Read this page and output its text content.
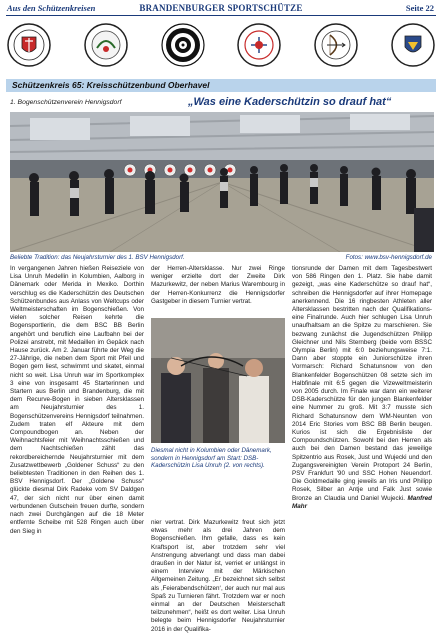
Aus den Schützenkreisen	BRANDENBURGER SPORTSCHÜTZE	Seite 22
Schützenkreis 65: Kreisschützenbund Oberhavel
1. Bogenschützenverein Hennigsdorf	„Was eine Kaderschützin so drauf hat“
Beliebte Tradition: das Neujahrsturnier des 1. BSV Hennigsdorf.	Fotos: www.bsv-hennigsdorf.de
In vergangenen Jahren hießen Reiseziele von Lisa Unruh Medellin in Kolumbien, Aalborg in Dänemark oder Merida in Mexiko. Dorthin verschlug es die Kaderschützin des Deutschen Schützenbundes aus Anlass von Weltcups oder Weltmeisterschaften im Bogenschießen. Von vielen solcher Reisen kehrte die Bogensportlerin, die dem BSC BB Berlin angehört und beruflich eine Laufbahn bei der Polizei anstrebt, mit Medaillen im Gepäck nach Hause zurück. Am 2. Januar führte der Weg die 27-Jährige, die neben dem Sport mit Pfeil und Bogen gern liest, schwimmt und skatet, einmal nicht so weit. Lisa Unruh war im Sportkomplex 3 eine von insgesamt 45 Starterinnen und Startern aus Berlin und Brandenburg, die mit dem Recurve-Bogen in sieben Altersklassen am Neujahrsturnier des 1. Bogenschützenvereins Hennigsdorf teilnahmen. Zudem traten elf Akteure mit dem Compoundbogen an. Neben der Weihnachtsfeier mit Weihnachtsschießen und dem Nachtschießen zählt das rekordbereichernde Neujahrsturnier mit dem Zusatzwettbewerb „Goldener Schuss“ zu den beliebtesten Traditionen in den Reihen des 1. BSV Hennigsdorf. Der „Goldene Schuss“ glückte diesmal Dirk Radeke vom SV Daldgen 47, der sich nicht nur über einen damit verbundenen Gutschein freuen durfte, sondern nach zwei Durchgängen auf die 18 Meter entfernte Scheibe mit 528 Ringen auch über den Sieg in
der Herren-Altersklasse. Nur zwei Ringe weniger erzielte dort der Zweite Dirk Mazurkewitz, der neben Marius Warembourg in der Herren-Konkurrenz die Hennigsdorfer Gastgeber in diesem Turnier vertrat.
Diesmal nicht in Kolumbien oder Dänemark, sondern in Hennigsdorf am Start: DSB-Kaderschützin Lisa Unruh (2. von rechts).
nier vertrat. Dirk Mazurkewitz freut sich jetzt etwas mehr als drei Jahren dem Bogenschießen. Ihm gefalle, dass es kein Kraftsport ist, aber trotzdem sehr viel Anstrengung abverlangt und dass man dabei draußen in der Natur ist, verriet er unlängst in einem Interview mit der Märkischen Allgemeinen Zeitung. „Er bezeichnet sich selbst als ‚Feierabendschützen‘, der auch nur mal aus Spaß zu Turnieren fährt. Trotzdem war er noch einmal an der Deutschen Meisterschaft teilzunehmen“, heißt es dort weiter. Lisa Unruh belegte beim Hennigsdorfer Neujahrsturnier 2016 in der Qualifika-
tionsrunde der Damen mit dem Tagesbestwert von 586 Ringen den 1. Platz. Sie habe damit gezeigt, „was eine Kaderschütze so drauf hat“, schreiben die Hennigsdorfer auf ihrer Homepage anerkennend. Die 16 ringbesten Athleten aller Altersklassen bestritten nach der Qualifikations- eine Finalrunde. Auch hier schlugen Lisa Unruh unaufhaltsam an die Spitze zu marschieren. Sie bezwang zunächst die Jugendschützen Philipp Gleichner und Nils Sternberg (beide vom BSSC Olympia Berlin) mit 6:0 beziehungsweise 7:1. Dann aber stoppte ein Juniorschütze ihren Vormarsch: Richard Schatunsnow von den Blankenfelder Bogenschützen 08 setzte sich im Halbfinale mit 6:5 gegen die Vizeweltmeisterin von 2005 durch. Im Finale war dann ein weiterer DSB-Kaderschütze für den jungen Blankenfelder eine Nummer zu groß. Mit 3:7 musste sich Richard Schatunsnow dem WM-Neunten von 2014 Eric Stories vom BSC BB Berlin beugen. Kurios ist sich die Ergebnisliste der Compoundschützen. Sowohl bei den Herren als auch bei den Damen bestand das jeweilige Spitzentrio aus Rosek, Just und Wujecki und den Zugangsvereinigten Verein Protoport 24 Berlin, PSV Frankfurt '90 und SSC Hohen Neuendorf. Die Goldmedaille ging jeweils an Iris und Philipp Rosek, Silber an Antje und Falk Just sowie Bronze an Claudia und Daniel Wujecki. Manfred Mahr
